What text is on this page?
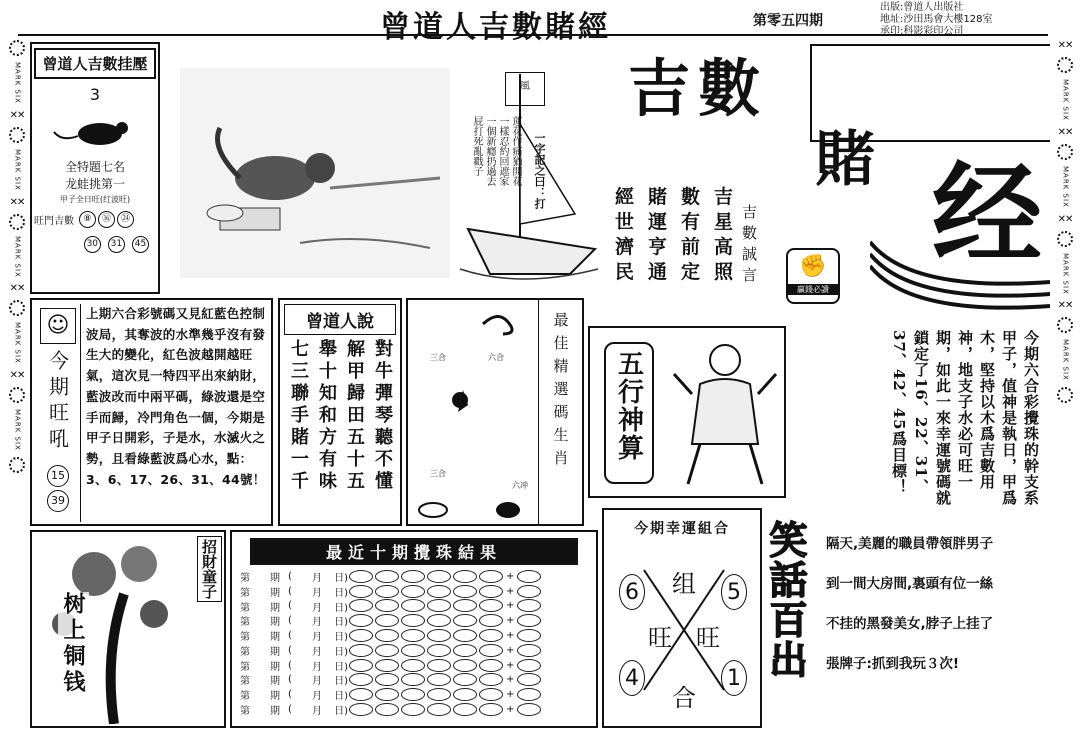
曾道人吉數賭經	第零五四期
出版:曾道人出版社
地址:沙田馬會大樓128室
承印:科影彩印公司
MARK SIX
✕✕
MARK SIX
✕✕
MARK SIX
✕✕
MARK SIX
✕✕
MARK SIX
✕✕
MARK SIX
✕✕
MARK SIX
✕✕
MARK SIX
✕✕
MARK SIX
曾道人吉數挂壓
3
全特題七名
龙蛙挑第一
甲子全日旺(红波旺)
旺門吉數	⑧	⑯	㉔
30 31 45
風
蓮花作痛猶開花
一樣忍約回遮家
一個新癮扔過去
屁打死亂戳子	一字記之曰：打
吉數
賭 经
吉
星
高
照
數
有
前
定
賭
運
亨
通
經
世
濟
民
吉
數
誠
言	✊
贏錢必讀
☺
今期旺吼
15
39
上期六合彩號碼又見紅藍色控制波局，其奪波的水準幾乎沒有發生大的變化，紅色波越開越旺氣，這次見一特四平出來納財，藍波改而中兩平碼，綠波還是空手而歸，冷門角色一個，今期是甲子日開彩，子是水，水滅火之勢，且看綠藍波爲心水，點：3、6、17、26、31、44號！
曾道人說
對牛彈琴聽不懂
解甲歸田五十五
舉十知和方有味
七三聯手賭一千	三合	六合
三合
六冲
最佳精選碼生肖 五行神算	今期六合彩攪珠的幹支系甲子，值神是執日，甲爲木，堅持以木爲吉數用神，地支子水必可旺一期，如此一來幸運號碼就鎖定了16、22、31、37、42、45爲目標！
树上铜钱
招財童子	最近十期攪珠結果
第	期 (	月	日)	+
第	期 (	月	日)	+
第	期 (	月	日)	+
第	期 (	月	日)	+
第	期 (	月	日)	+
第	期 (	月	日)	+
第	期 (	月	日)	+
第	期 (	月	日)	+
第	期 (	月	日)	+
第	期 (	月	日)	+
今期幸運組合
6	5
4	1
组
合
旺 旺 笑話百出 隔天,美麗的職員帶領胖男子
到一間大房間,裏頭有位一絲
不挂的黑發美女,脖子上挂了
張牌子:抓到我玩３次!
